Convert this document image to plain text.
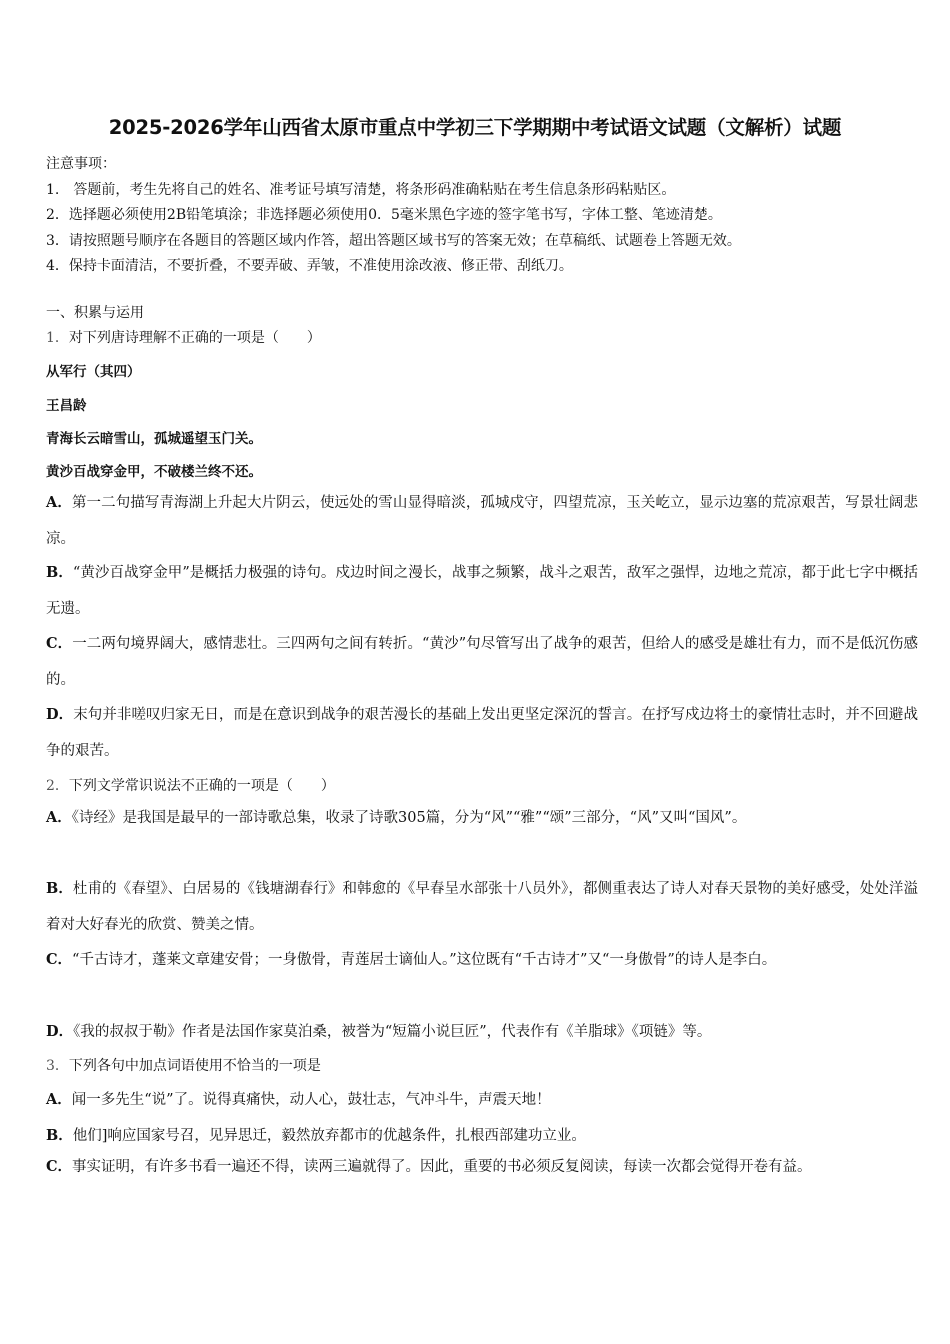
2025-2026学年山西省太原市重点中学初三下学期期中考试语文试题（文解析）试题
注意事项：
1.　答题前，考生先将自己的姓名、准考证号填写清楚，将条形码准确粘贴在考生信息条形码粘贴区。
2．选择题必须使用2B铅笔填涂；非选择题必须使用0．5毫米黑色字迹的签字笔书写，字体工整、笔迹清楚。
3．请按照题号顺序在各题目的答题区域内作答，超出答题区域书写的答案无效；在草稿纸、试题卷上答题无效。
4．保持卡面清洁，不要折叠，不要弄破、弄皱，不准使用涂改液、修正带、刮纸刀。
一、积累与运用
1．对下列唐诗理解不正确的一项是（　　）
从军行（其四）
王昌龄
青海长云暗雪山，孤城遥望玉门关。
黄沙百战穿金甲，不破楼兰终不还。
A．第一二句描写青海湖上升起大片阴云，使远处的雪山显得暗淡，孤城戍守，四望荒凉，玉关屹立，显示边塞的荒凉艰苦，写景壮阔悲凉。
B．“黄沙百战穿金甲”是概括力极强的诗句。戍边时间之漫长，战事之频繁，战斗之艰苦，敌军之强悍，边地之荒凉，都于此七字中概括无遗。
C．一二两句境界阔大，感情悲壮。三四两句之间有转折。“黄沙”句尽管写出了战争的艰苦，但给人的感受是雄壮有力，而不是低沉伤感的。
D．末句并非嗟叹归家无日，而是在意识到战争的艰苦漫长的基础上发出更坚定深沉的誓言。在抒写戍边将士的豪情壮志时，并不回避战争的艰苦。
2．下列文学常识说法不正确的一项是（　　）
A．《诗经》是我国是最早的一部诗歌总集，收录了诗歌305篇，分为“风”“雅”“颂”三部分，“风”又叫“国风”。
B．杜甫的《春望》、白居易的《钱塘湖春行》和韩愈的《早春呈水部张十八员外》，都侧重表达了诗人对春天景物的美好感受，处处洋溢着对大好春光的欣赏、赞美之情。
C．“千古诗才，蓬莱文章建安骨；一身傲骨，青莲居士谪仙人。”这位既有“千古诗才”又“一身傲骨”的诗人是李白。
D．《我的叔叔于勒》作者是法国作家莫泊桑，被誉为“短篇小说巨匠”，代表作有《羊脂球》《项链》等。
3．下列各句中加点词语使用不恰当的一项是
A．闻一多先生“说”了。说得真痛快，动人心，鼓壮志，气冲斗牛，声震天地！
B．他们]响应国家号召，见异思迁，毅然放弃都市的优越条件，扎根西部建功立业。
C．事实证明，有许多书看一遍还不得，读两三遍就得了。因此，重要的书必须反复阅读，每读一次都会觉得开卷有益。
